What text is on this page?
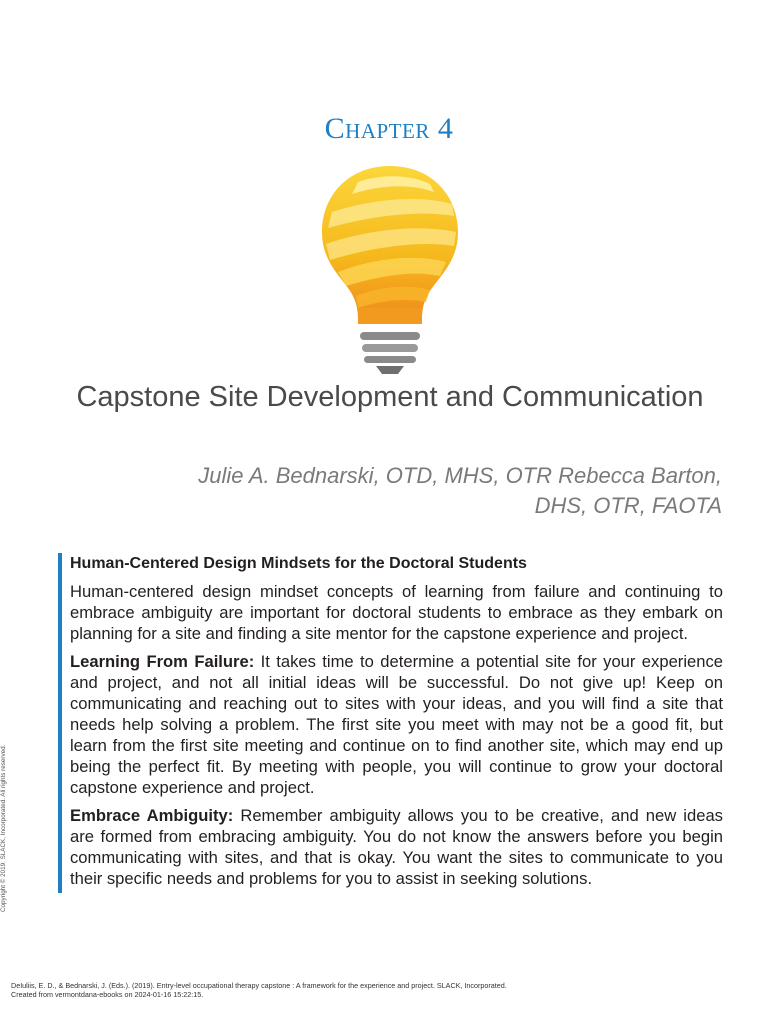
Chapter 4
Capstone Site Development and Communication
Julie A. Bednarski, OTD, MHS, OTR Rebecca Barton,
DHS, OTR, FAOTA
Human-Centered Design Mindsets for the Doctoral Students

Human-centered design mindset concepts of learning from failure and continuing to embrace ambiguity are important for doctoral students to embrace as they embark on planning for a site and finding a site mentor for the capstone experience and project.

Learning From Failure: It takes time to determine a potential site for your experience and project, and not all initial ideas will be successful. Do not give up! Keep on communicating and reaching out to sites with your ideas, and you will find a site that needs help solving a problem. The first site you meet with may not be a good fit, but learn from the first site meeting and continue on to find another site, which may end up being the perfect fit. By meeting with people, you will continue to grow your doctoral capstone experience and project.

Embrace Ambiguity: Remember ambiguity allows you to be creative, and new ideas are formed from embracing ambiguity. You do not know the answers before you begin communicating with sites, and that is okay. You want the sites to communicate to you their specific needs and problems for you to assist in seeking solutions.

Copyright © 2019. SLACK, Incorporated. All rights reserved.
DeIuliis, E. D., & Bednarski, J. (Eds.). (2019). Entry-level occupational therapy capstone : A framework for the experience and project. SLACK, Incorporated.
Created from vermontdana-ebooks on 2024-01-16 15:22:15.
